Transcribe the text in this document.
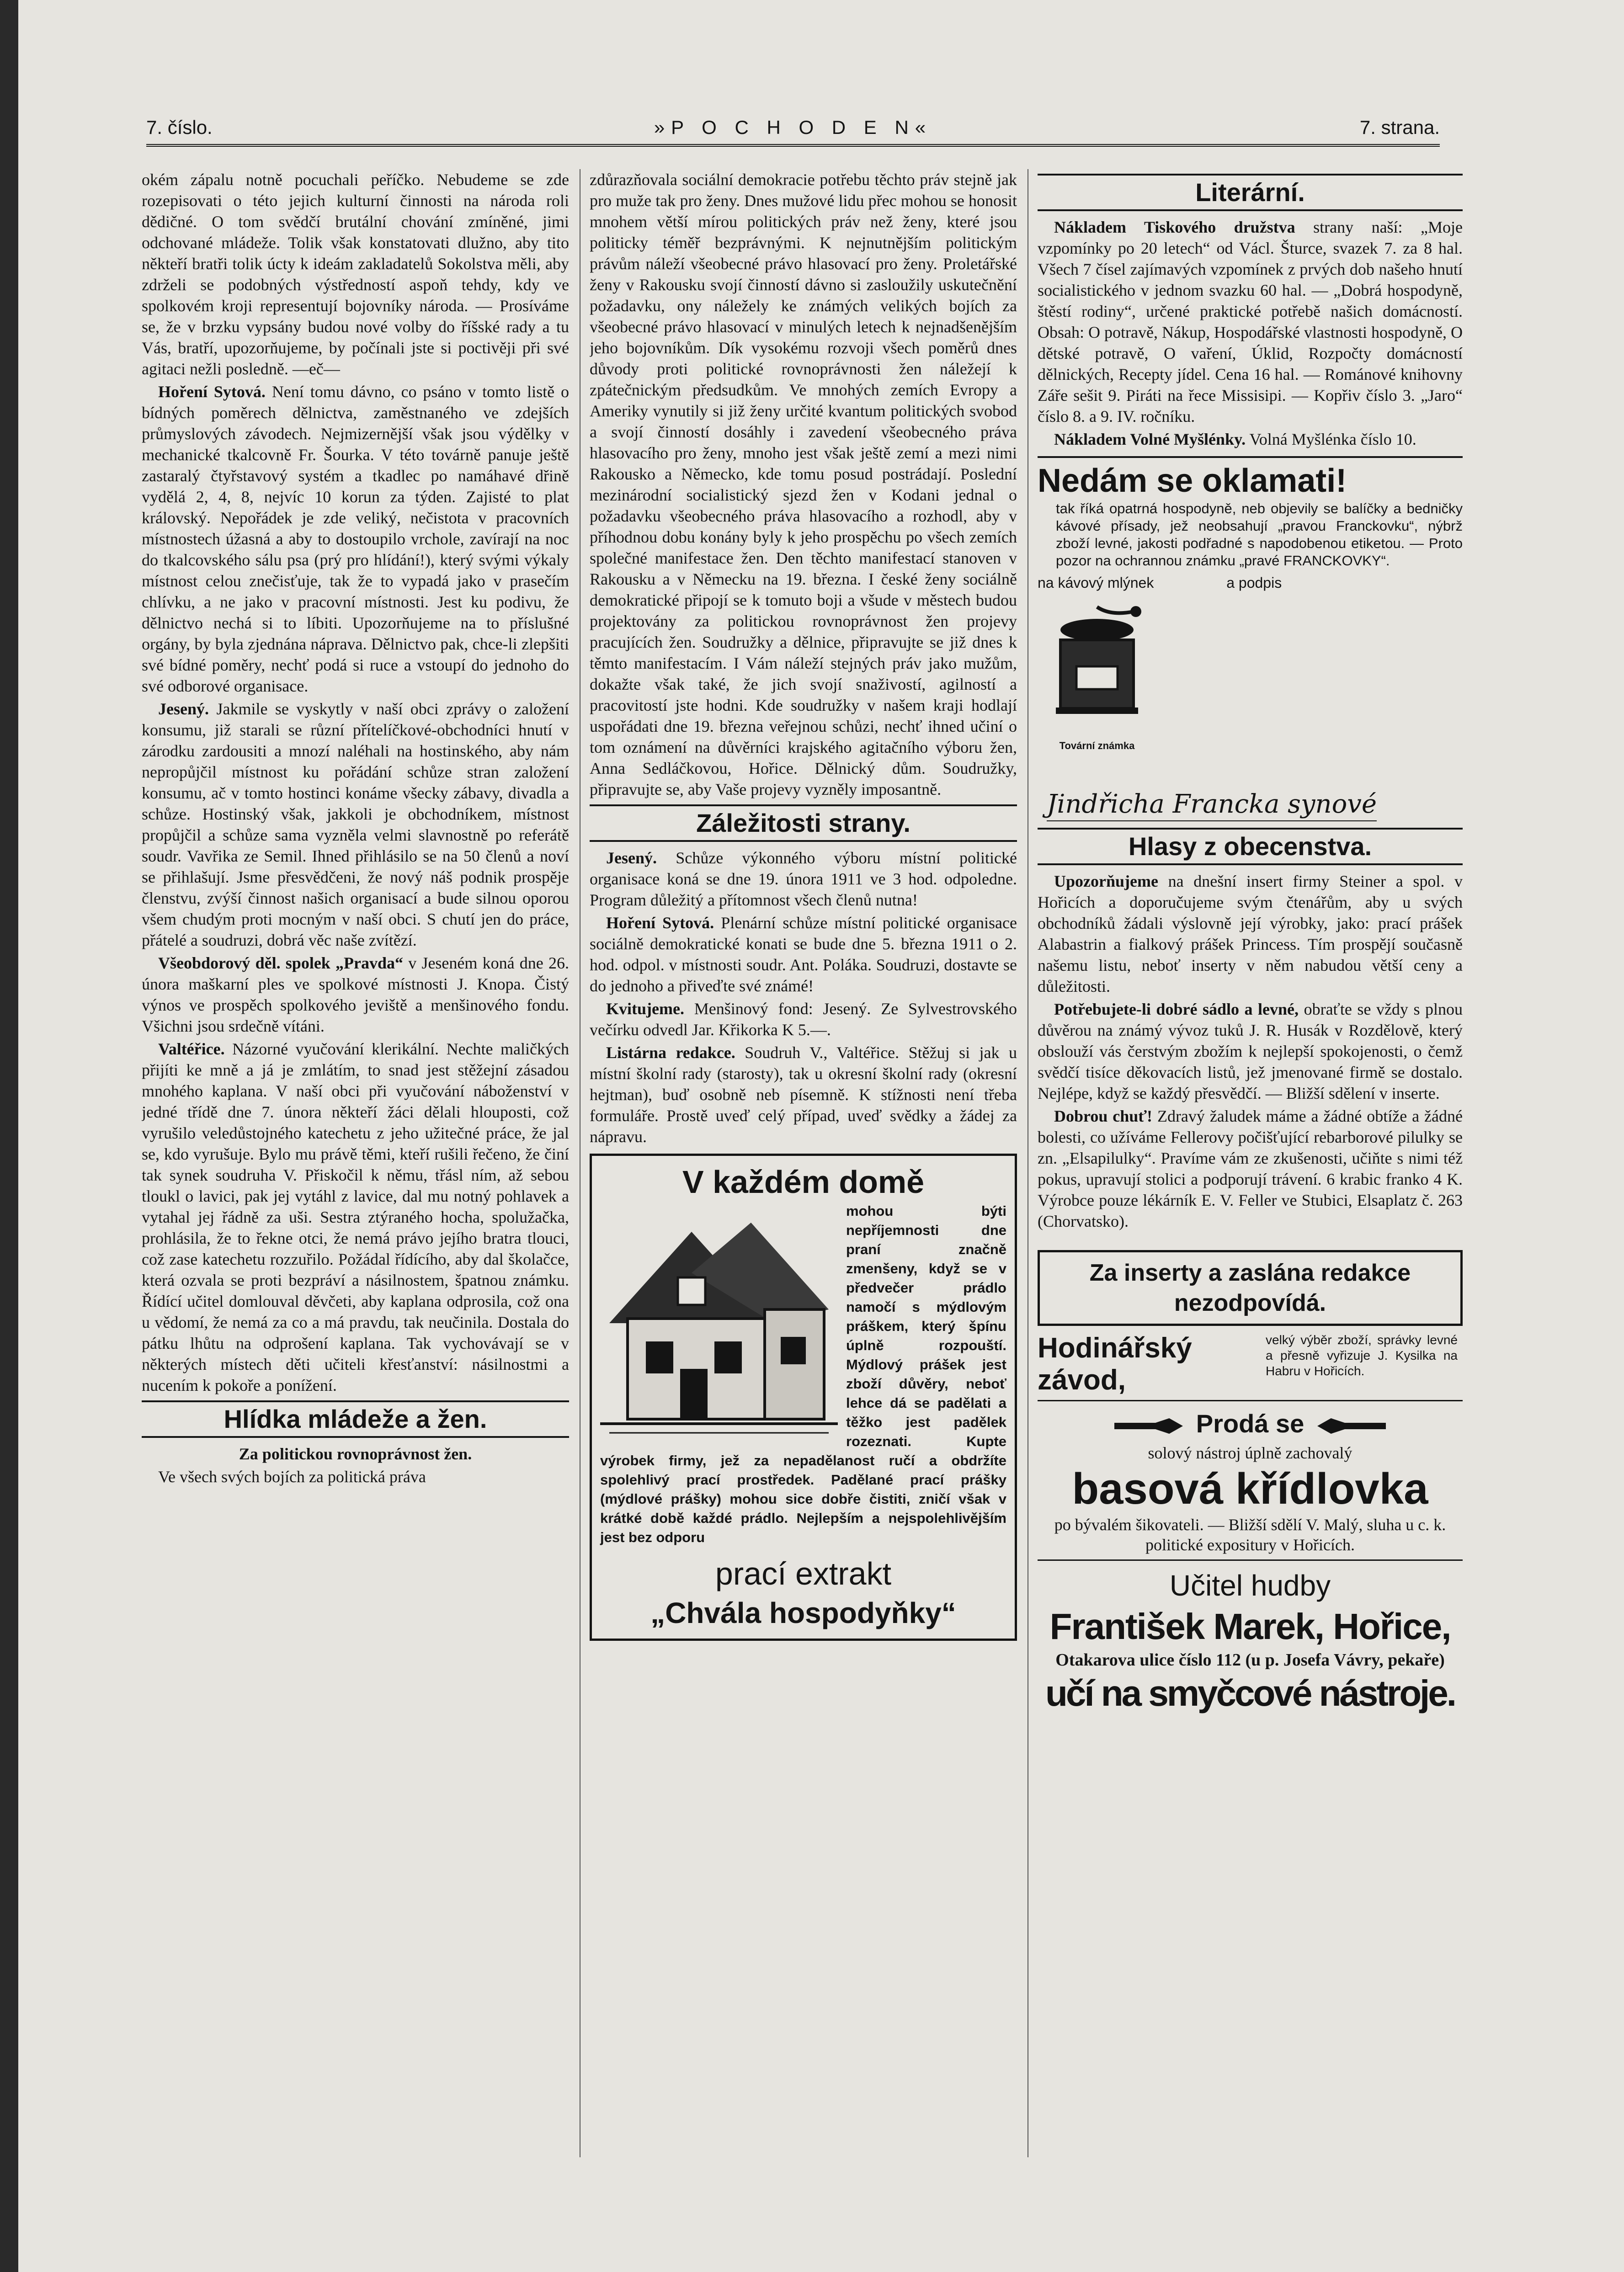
7. číslo.	»P O C H O D E N«	7. strana.

okém zápalu notně pocuchali peříčko. Nebudeme se zde rozepisovati o této jejich kulturní činnosti na národa roli dědičné. O tom svědčí brutální chování zmíněné, jimi odchované mládeže. Tolik však konstatovati dlužno, aby tito někteří bratři tolik úcty k ideám zakladatelů Sokolstva měli, aby zdrželi se podobných výstředností aspoň tehdy, kdy ve spolkovém kroji representují bojovníky národa. — Prosíváme se, že v brzku vypsány budou nové volby do říšské rady a tu Vás, bratří, upozorňujeme, by počínali jste si poctivěji při své agitaci nežli posledně. —eč—

Hoření Sytová. Není tomu dávno, co psáno v tomto listě o bídných poměrech dělnictva, zaměstnaného ve zdejších průmyslových závodech. Nejmizernější však jsou výdělky v mechanické tkalcovně Fr. Šourka. V této továrně panuje ještě zastaralý čtyřstavový systém a tkadlec po namáhavé dřině vydělá 2, 4, 8, nejvíc 10 korun za týden. Zajisté to plat královský. Nepořádek je zde veliký, nečistota v pracovních místnostech úžasná a aby to dostoupilo vrchole, zavírají na noc do tkalcovského sálu psa (prý pro hlídání!), který svými výkaly místnost celou znečisťuje, tak že to vypadá jako v prasečím chlívku, a ne jako v pracovní místnosti. Jest ku podivu, že dělnictvo nechá si to líbiti. Upozorňujeme na to příslušné orgány, by byla zjednána náprava. Dělnictvo pak, chce-li zlepšiti své bídné poměry, nechť podá si ruce a vstoupí do jednoho do své odborové organisace.

Jesený. Jakmile se vyskytly v naší obci zprávy o založení konsumu, již starali se různí přítelíčkové-obchodníci hnutí v zárodku zardousiti a mnozí naléhali na hostinského, aby nám nepropůjčil místnost ku pořádání schůze stran založení konsumu, ač v tomto hostinci konáme všecky zábavy, divadla a schůze. Hostinský však, jakkoli je obchodníkem, místnost propůjčil a schůze sama vyzněla velmi slavnostně po referátě soudr. Vavřika ze Semil. Ihned přihlásilo se na 50 členů a noví se přihlašují. Jsme přesvědčeni, že nový náš podnik prospěje členstvu, zvýší činnost našich organisací a bude silnou oporou všem chudým proti mocným v naší obci. S chutí jen do práce, přátelé a soudruzi, dobrá věc naše zvítězí.

Všeobdorový děl. spolek „Pravda“ v Jeseném koná dne 26. února maškarní ples ve spolkové místnosti J. Knopa. Čistý výnos ve prospěch spolkového jeviště a menšinového fondu. Všichni jsou srdečně vítáni.

Valtéřice. Názorné vyučování klerikální. Nechte maličkých přijíti ke mně a já je zmlátím, to snad jest stěžejní zásadou mnohého kaplana. V naší obci při vyučování náboženství v jedné třídě dne 7. února někteří žáci dělali hlouposti, což vyrušilo veledůstojného katechetu z jeho užitečné práce, že jal se, kdo vyrušuje. Bylo mu právě těmi, kteří rušili řečeno, že činí tak synek soudruha V. Přiskočil k němu, třásl ním, až sebou tloukl o lavici, pak jej vytáhl z lavice, dal mu notný pohlavek a vytahal jej řádně za uši. Sestra ztýraného hocha, spolužačka, prohlásila, že to řekne otci, že nemá právo jejího bratra tlouci, což zase katechetu rozzuřilo. Požádal řídícího, aby dal školačce, která ozvala se proti bezpráví a násilnostem, špatnou známku. Řídící učitel domlouval děvčeti, aby kaplana odprosila, což ona u vědomí, že nemá za co a má pravdu, tak neučinila. Dostala do pátku lhůtu na odprošení kaplana. Tak vychovávají se v některých místech děti učiteli křesťanství: násilnostmi a nucením k pokoře a ponížení.

Hlídka mládeže a žen.

Za politickou rovnoprávnost žen.

Ve všech svých bojích za politická práva

zdůrazňovala sociální demokracie potřebu těchto práv stejně jak pro muže tak pro ženy. Dnes mužové lidu přec mohou se honosit mnohem větší mírou politických práv než ženy, které jsou politicky téměř bezprávnými. K nejnutnějším politickým právům náleží všeobecné právo hlasovací pro ženy. Proletářské ženy v Rakousku svojí činností dávno si zasloužily uskutečnění požadavku, ony náležely ke známých velikých bojích za všeobecné právo hlasovací v minulých letech k nejnadšenějším jeho bojovníkům. Dík vysokému rozvoji všech poměrů dnes důvody proti politické rovnoprávnosti žen náležejí k zpátečnickým předsudkům. Ve mnohých zemích Evropy a Ameriky vynutily si již ženy určité kvantum politických svobod a svojí činností dosáhly i zavedení všeobecného práva hlasovacího pro ženy, mnoho jest však ještě zemí a mezi nimi Rakousko a Německo, kde tomu posud postrádají. Poslední mezinárodní socialistický sjezd žen v Kodani jednal o požadavku všeobecného práva hlasovacího a rozhodl, aby v příhodnou dobu konány byly k jeho prospěchu po všech zemích společné manifestace žen. Den těchto manifestací stanoven v Rakousku a v Německu na 19. března. I české ženy sociálně demokratické připojí se k tomuto boji a všude v městech budou projektovány za politickou rovnoprávnost žen projevy pracujících žen. Soudružky a dělnice, připravujte se již dnes k těmto manifestacím. I Vám náleží stejných práv jako mužům, dokažte však také, že jich svojí snaživostí, agilností a pracovitostí jste hodni. Kde soudružky v našem kraji hodlají uspořádati dne 19. března veřejnou schůzi, nechť ihned učiní o tom oznámení na důvěrníci krajského agitačního výboru žen, Anna Sedláčkovou, Hořice. Dělnický dům. Soudružky, připravujte se, aby Vaše projevy vyzněly imposantně.

Záležitosti strany.

Jesený. Schůze výkonného výboru místní politické organisace koná se dne 19. února 1911 ve 3 hod. odpoledne. Program důležitý a přítomnost všech členů nutna!

Hoření Sytová. Plenární schůze místní politické organisace sociálně demokratické konati se bude dne 5. března 1911 o 2. hod. odpol. v místnosti soudr. Ant. Poláka. Soudruzi, dostavte se do jednoho a přiveďte své známé!

Kvitujeme. Menšinový fond: Jesený. Ze Sylvestrovského večírku odvedl Jar. Křikorka K 5.—.

Listárna redakce. Soudruh V., Valtéřice. Stěžuj si jak u místní školní rady (starosty), tak u okresní školní rady (okresní hejtman), buď osobně neb písemně. K stížnosti není třeba formuláře. Prostě uveď celý případ, uveď svědky a žádej za nápravu.

V každém domě

mohou býti nepříjemnosti dne praní značně zmenšeny, když se v předvečer prádlo namočí s mýdlovým práškem, který špínu úplně rozpouští. Mýdlový prášek jest zboží důvěry, neboť lehce dá se padělati a těžko jest padělek rozeznati. Kupte výrobek firmy, jež za nepadělanost ručí a obdržíte spolehlivý prací prostředek. Padělané prací prášky (mýdlové prášky) mohou sice dobře čistiti, zničí však v krátké době každé prádlo. Nejlepším a nejspolehlivějším jest bez odporu

prací extrakt
„Chvála hospodyňky“
Literární.

Nákladem Tiskového družstva strany naší: „Moje vzpomínky po 20 letech“ od Václ. Šturce, svazek 7. za 8 hal. Všech 7 čísel zajímavých vzpomínek z prvých dob našeho hnutí socialistického v jednom svazku 60 hal. — „Dobrá hospodyně, štěstí rodiny“, určené praktické potřebě našich domácností. Obsah: O potravě, Nákup, Hospodářské vlastnosti hospodyně, O dětské potravě, O vaření, Úklid, Rozpočty domácností dělnických, Recepty jídel. Cena 16 hal. — Románové knihovny Záře sešit 9. Piráti na řece Missisipi. — Kopřiv číslo 3. „Jaro“ číslo 8. a 9. IV. ročníku.

Nákladem Volné Myšlénky. Volná Myšlénka číslo 10.

Nedám se oklamati!

tak říká opatrná hospodyně, neb objevily se balíčky a bedničky kávové přísady, jež neobsahují „pravou Franckovku“, nýbrž zboží levné, jakosti podřadné s napodobenou etiketou. — Proto pozor na ochrannou známku „pravé FRANCKOVKY“.

na kávový mlýnek	a podpis
Tovární známka
Jindřicha Francka synové
Hlasy z obecenstva.

Upozorňujeme na dnešní insert firmy Steiner a spol. v Hořicích a doporučujeme svým čtenářům, aby u svých obchodníků žádali výslovně její výrobky, jako: prací prášek Alabastrin a fialkový prášek Princess. Tím prospějí současně našemu listu, neboť inserty v něm nabudou větší ceny a důležitosti.

Potřebujete-li dobré sádlo a levné, obraťte se vždy s plnou důvěrou na známý vývoz tuků J. R. Husák v Rozdělově, který obslouží vás čerstvým zbožím k nejlepší spokojenosti, o čemž svědčí tisíce děkovacích listů, jež jmenované firmě se dostalo. Nejlépe, když se každý přesvědčí. — Bližší sdělení v inserte.

Dobrou chuť! Zdravý žaludek máme a žádné obtíže a žádné bolesti, co užíváme Fellerovy počišťující rebarborové pilulky se zn. „Elsapilulky“. Pravíme vám ze zkušenosti, učiňte s nimi též pokus, upravují stolici a podporují trávení. 6 krabic franko 4 K. Výrobce pouze lékárník E. V. Feller ve Stubici, Elsaplatz č. 263 (Chorvatsko).

Za inserty a zaslána redakce nezodpovídá.
Hodinářský závod, velký výběr zboží, správky levné a přesně vyřizuje J. Kysilka na Habru v Hořicích.
Prodá se
solový nástroj úplně zachovalý
basová křídlovka
po bývalém šikovateli. — Bližší sdělí V. Malý, sluha u c. k. politické expositury v Hořicích.
Učitel hudby
František Marek, Hořice,
Otakarova ulice číslo 112 (u p. Josefa Vávry, pekaře)
učí na smyčcové nástroje.
